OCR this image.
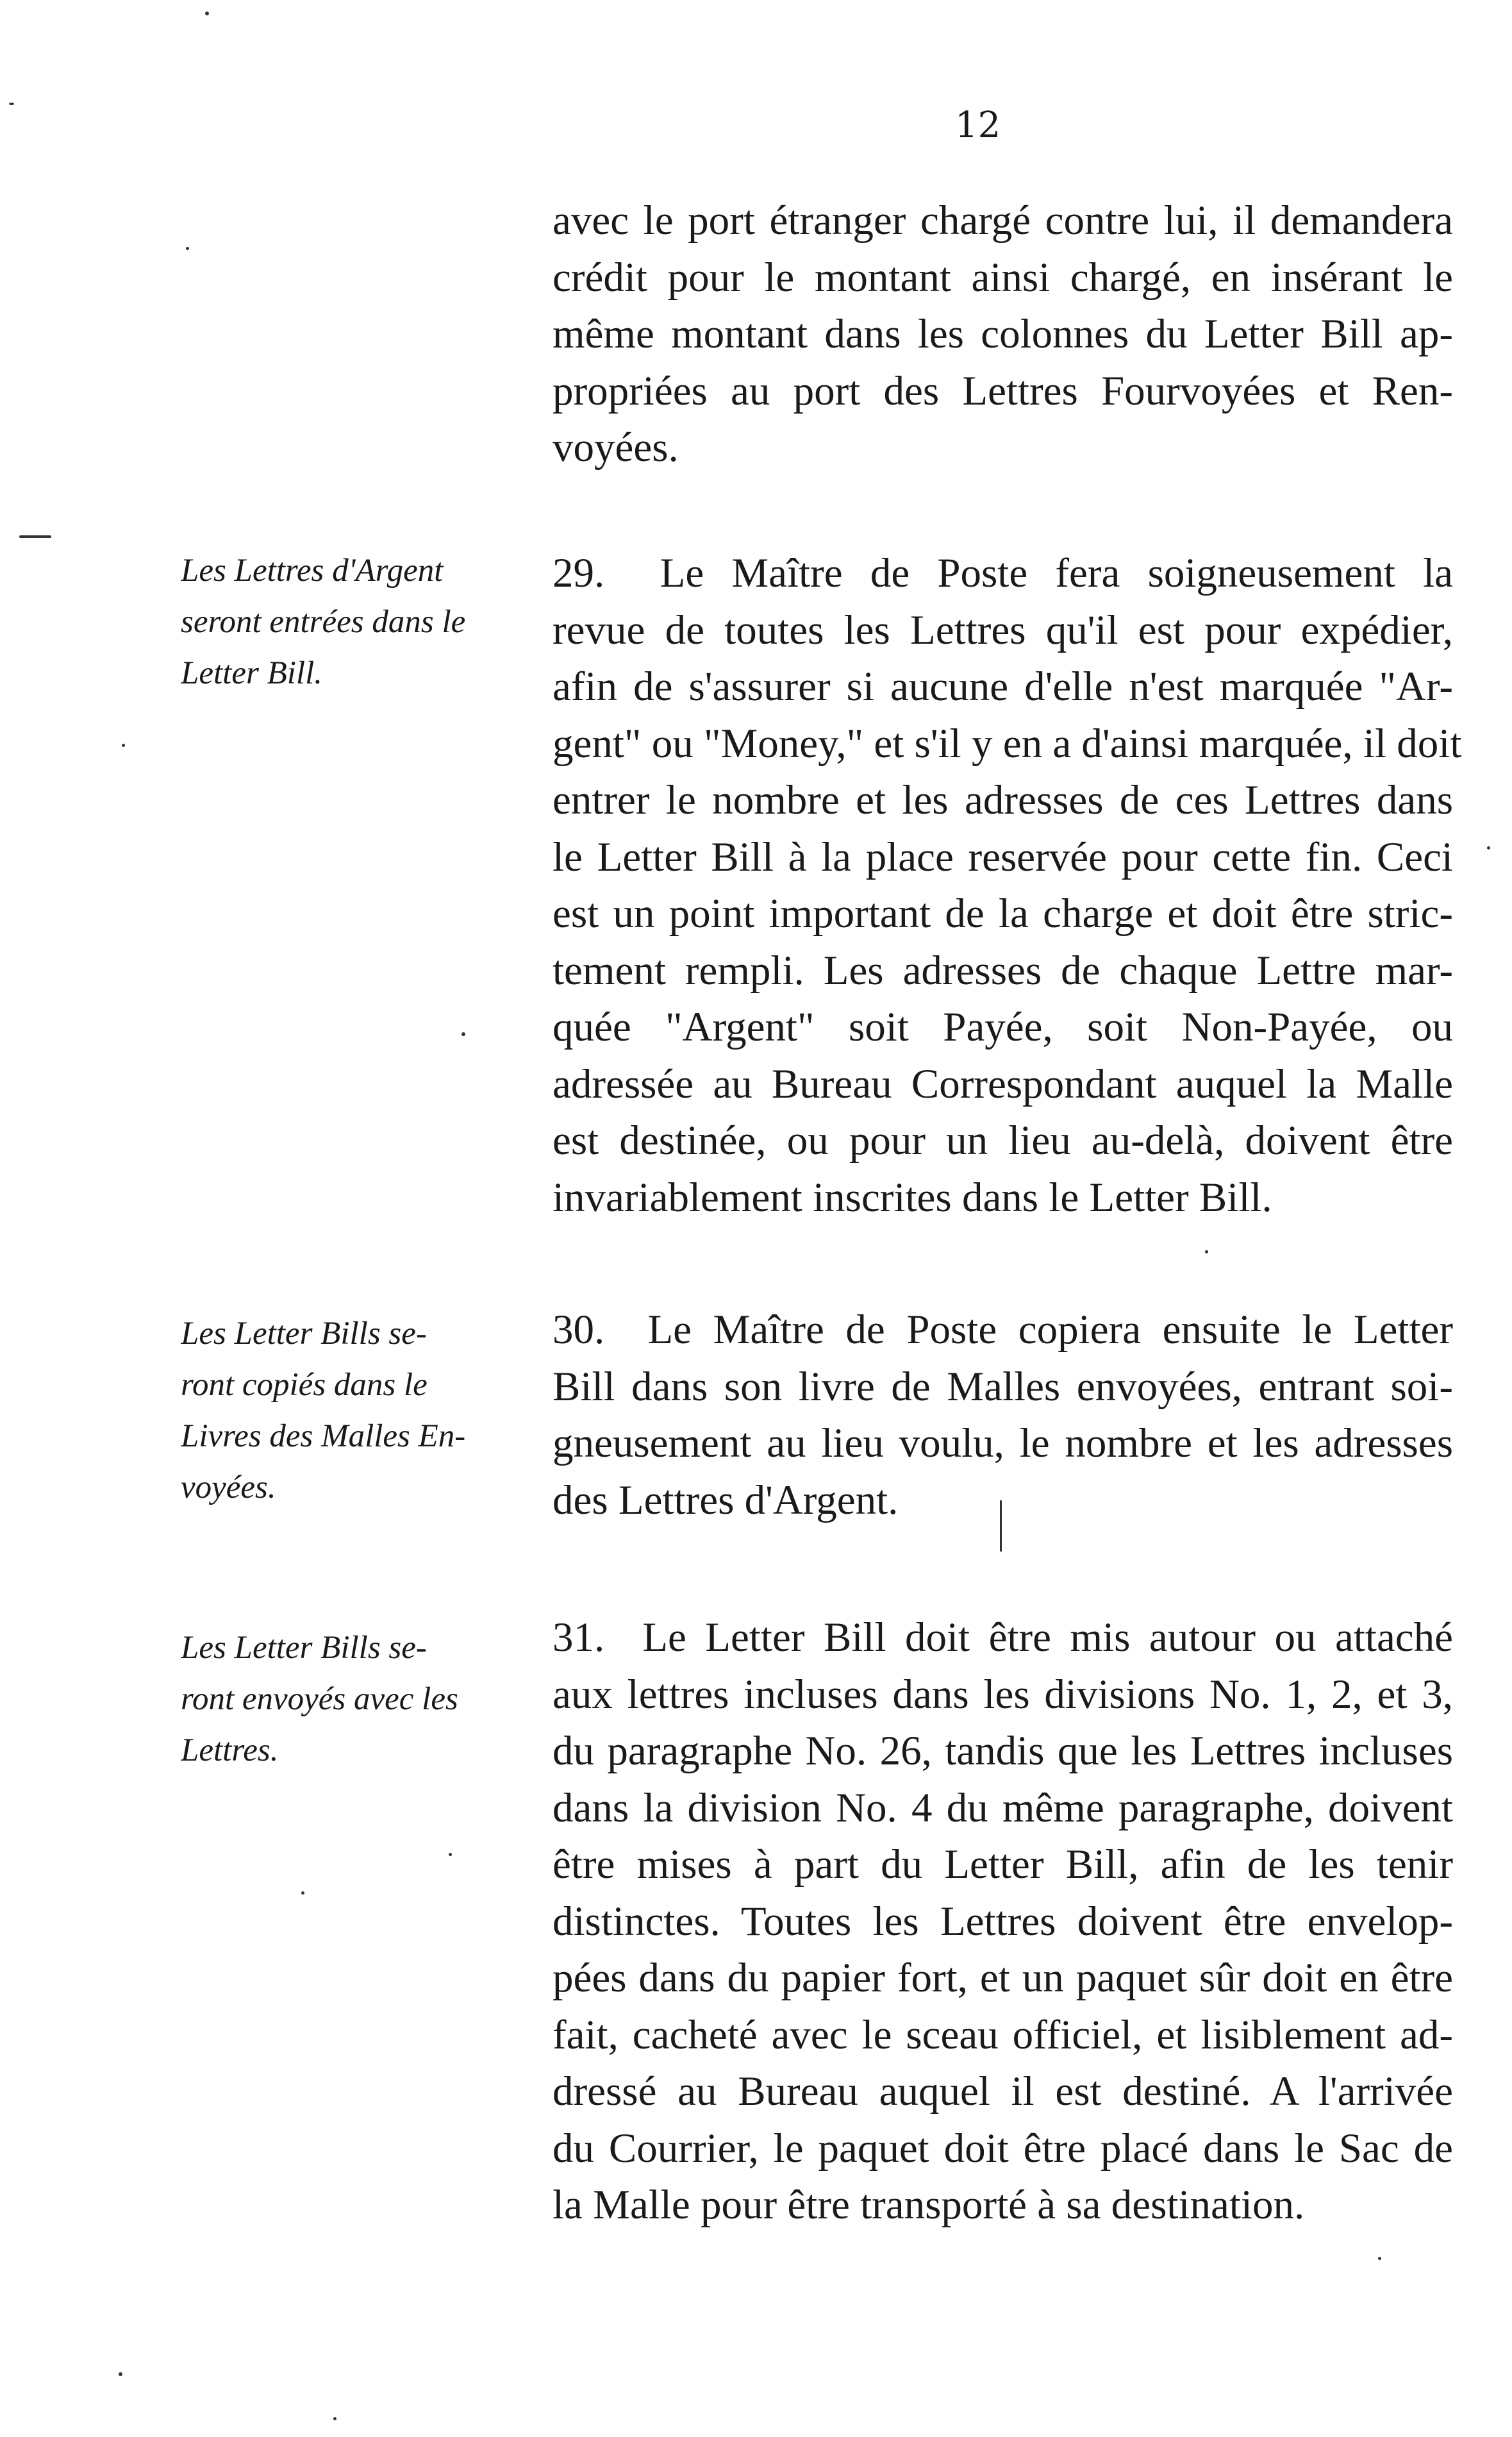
12
avec le port étranger chargé contre lui, il demandera
crédit pour le montant ainsi chargé, en insérant le
même montant dans les colonnes du Letter Bill ap-
propriées au port des Lettres Fourvoyées et Ren-
voyées.
Les Lettres d'Argent
seront entrées dans le
Letter Bill.
29. Le Maître de Poste fera soigneusement la
revue de toutes les Lettres qu'il est pour expédier,
afin de s'assurer si aucune d'elle n'est marquée "Ar-
gent" ou "Money," et s'il y en a d'ainsi marquée, il doit
entrer le nombre et les adresses de ces Lettres dans
le Letter Bill à la place reservée pour cette fin. Ceci
est un point important de la charge et doit être stric-
tement rempli. Les adresses de chaque Lettre mar-
quée "Argent" soit Payée, soit Non-Payée, ou
adressée au Bureau Correspondant auquel la Malle
est destinée, ou pour un lieu au-delà, doivent être
invariablement inscrites dans le Letter Bill.
Les Letter Bills se-
ront copiés dans le
Livres des Malles En-
voyées.
30. Le Maître de Poste copiera ensuite le Letter
Bill dans son livre de Malles envoyées, entrant soi-
gneusement au lieu voulu, le nombre et les adresses
des Lettres d'Argent.
Les Letter Bills se-
ront envoyés avec les
Lettres.
31. Le Letter Bill doit être mis autour ou attaché
aux lettres incluses dans les divisions No. 1, 2, et 3,
du paragraphe No. 26, tandis que les Lettres incluses
dans la division No. 4 du même paragraphe, doivent
être mises à part du Letter Bill, afin de les tenir
distinctes. Toutes les Lettres doivent être envelop-
pées dans du papier fort, et un paquet sûr doit en être
fait, cacheté avec le sceau officiel, et lisiblement ad-
dressé au Bureau auquel il est destiné. A l'arrivée
du Courrier, le paquet doit être placé dans le Sac de
la Malle pour être transporté à sa destination.
